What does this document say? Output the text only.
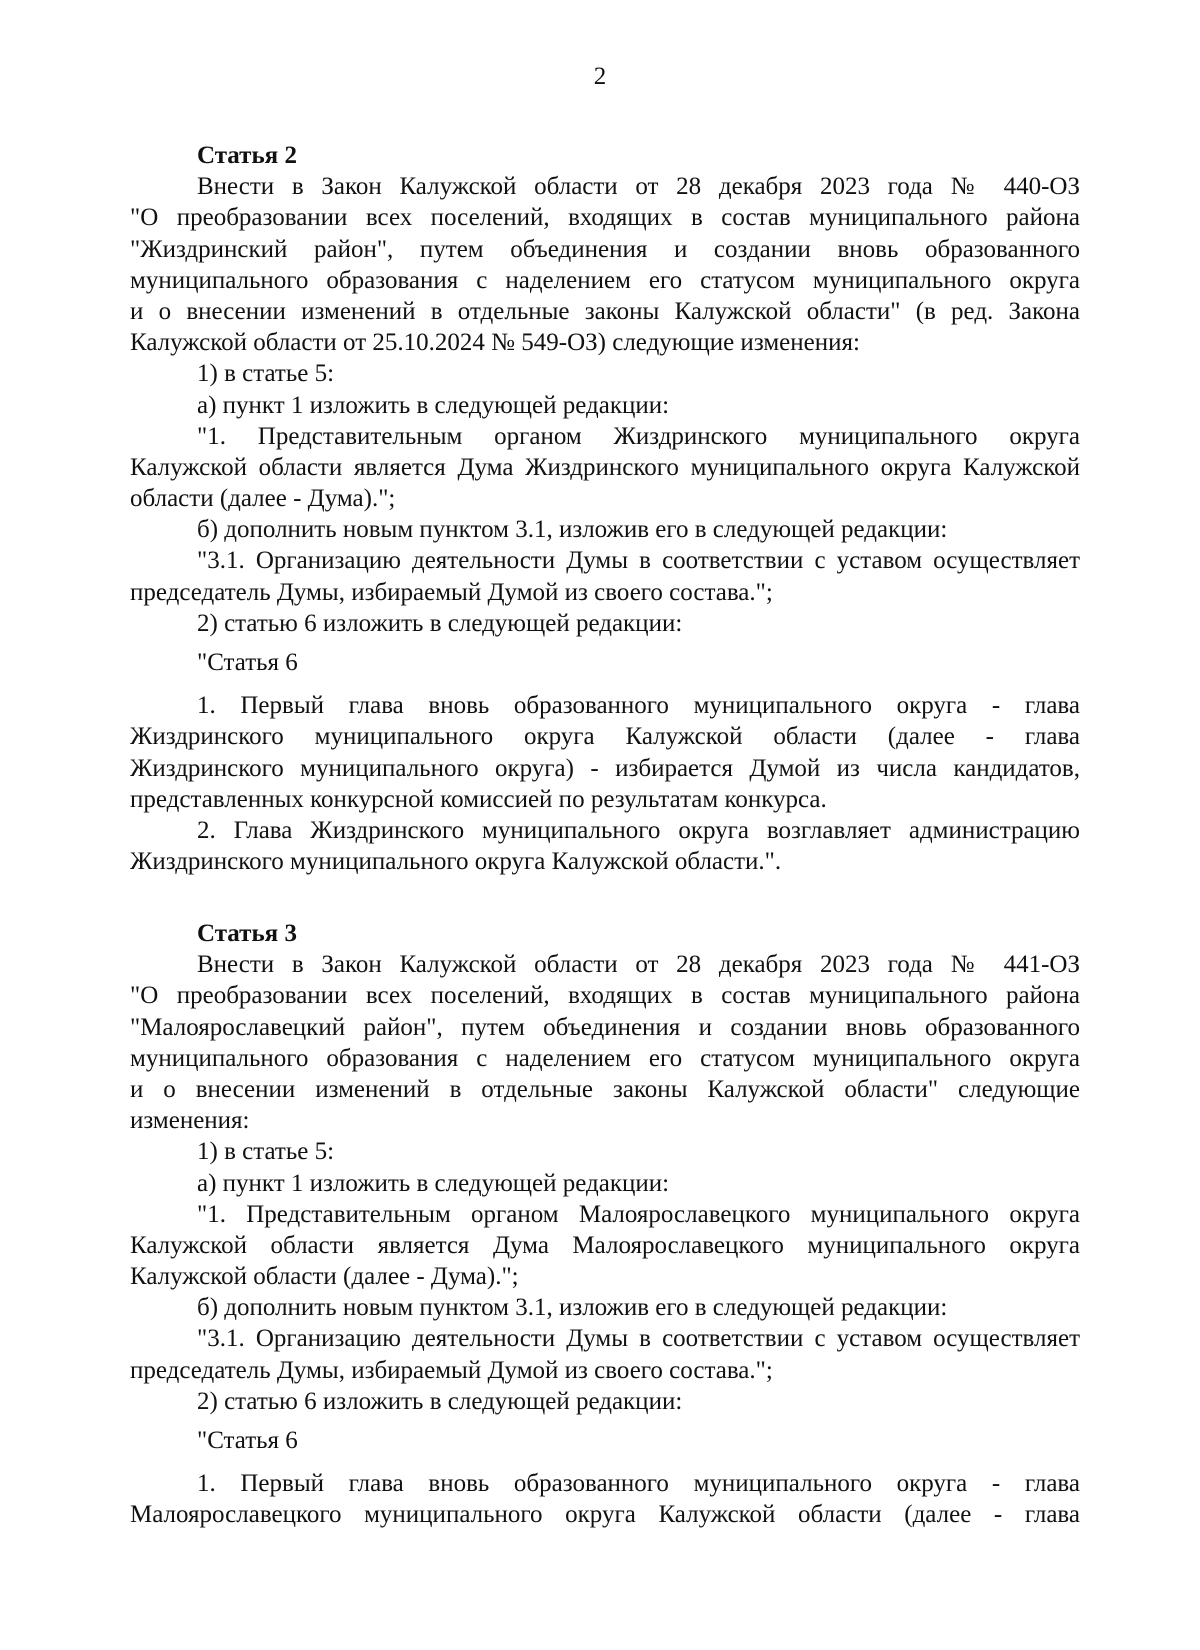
2
Статья 2
Внести в Закон Калужской области от 28 декабря 2023 года № 440-ОЗ
"О преобразовании всех поселений, входящих в состав муниципального района
"Жиздринский район", путем объединения и создании вновь образованного
муниципального образования с наделением его статусом муниципального округа
и о внесении изменений в отдельные законы Калужской области" (в ред. Закона
Калужской области от 25.10.2024 № 549-ОЗ) следующие изменения:
1) в статье 5:
а) пункт 1 изложить в следующей редакции:
"1. Представительным органом Жиздринского муниципального округа
Калужской области является Дума Жиздринского муниципального округа Калужской
области (далее - Дума).";
б) дополнить новым пунктом 3.1, изложив его в следующей редакции:
"3.1. Организацию деятельности Думы в соответствии с уставом осуществляет
председатель Думы, избираемый Думой из своего состава.";
2) статью 6 изложить в следующей редакции:
"Статья 6
1. Первый глава вновь образованного муниципального округа - глава
Жиздринского муниципального округа Калужской области (далее - глава
Жиздринского муниципального округа) - избирается Думой из числа кандидатов,
представленных конкурсной комиссией по результатам конкурса.
2. Глава Жиздринского муниципального округа возглавляет администрацию
Жиздринского муниципального округа Калужской области.".
Статья 3
Внести в Закон Калужской области от 28 декабря 2023 года № 441-ОЗ
"О преобразовании всех поселений, входящих в состав муниципального района
"Малоярославецкий район", путем объединения и создании вновь образованного
муниципального образования с наделением его статусом муниципального округа
и о внесении изменений в отдельные законы Калужской области" следующие
изменения:
1) в статье 5:
а) пункт 1 изложить в следующей редакции:
"1. Представительным органом Малоярославецкого муниципального округа
Калужской области является Дума Малоярославецкого муниципального округа
Калужской области (далее - Дума).";
б) дополнить новым пунктом 3.1, изложив его в следующей редакции:
"3.1. Организацию деятельности Думы в соответствии с уставом осуществляет
председатель Думы, избираемый Думой из своего состава.";
2) статью 6 изложить в следующей редакции:
"Статья 6
1. Первый глава вновь образованного муниципального округа - глава
Малоярославецкого муниципального округа Калужской области (далее - глава
